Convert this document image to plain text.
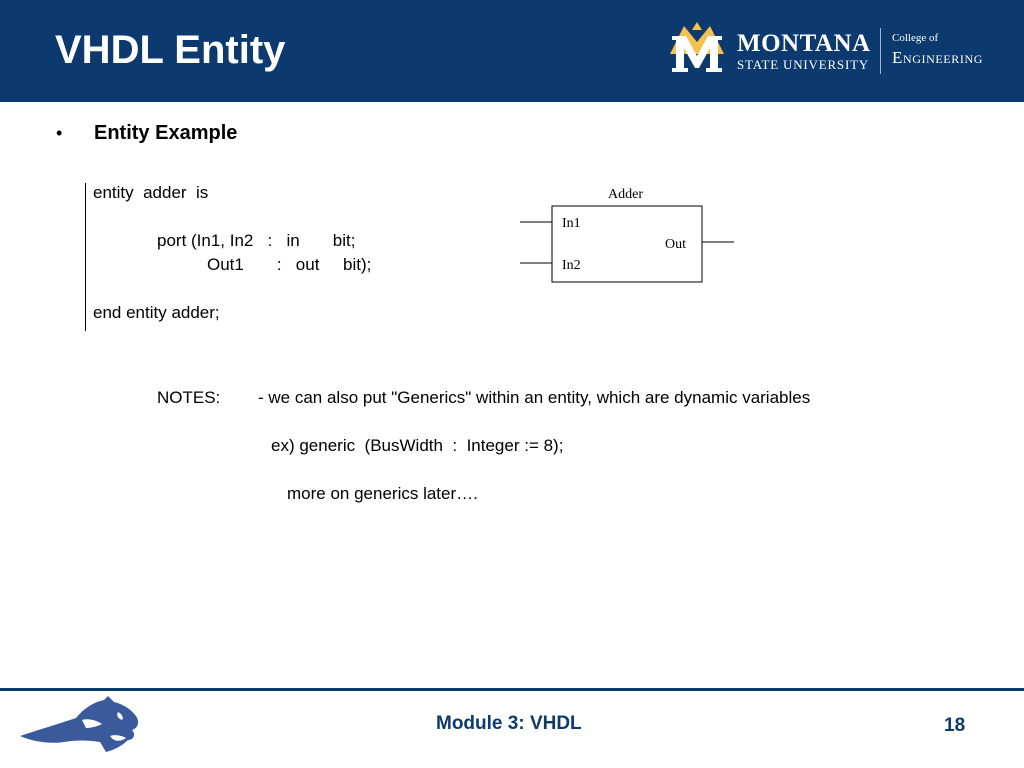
VHDL Entity	MONTANA
STATE UNIVERSITY
College of
Engineering
• Entity Example
entity  adder  is
port (In1, In2   :   in       bit;
Out1       :   out     bit);
end entity adder;
Adder
In1
In2
Out
NOTES: - we can also put "Generics" within an entity, which are dynamic variables
ex) generic  (BusWidth  :  Integer := 8);
more on generics later….
Module 3: VHDL	18
